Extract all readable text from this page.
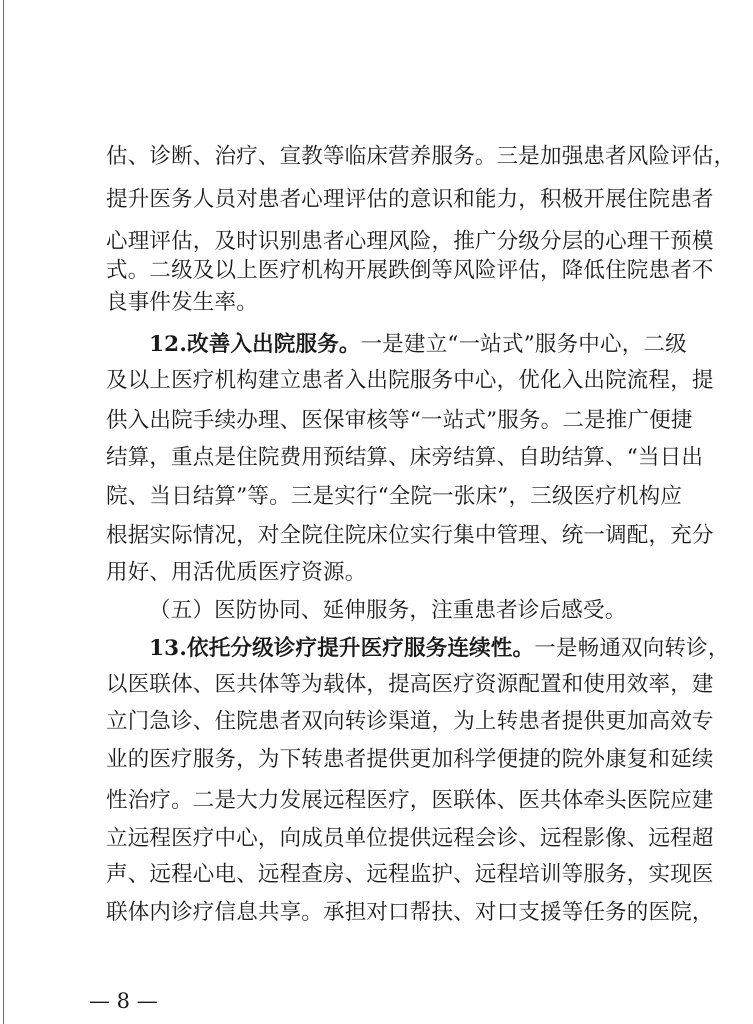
估、诊断、治疗、宣教等临床营养服务。三是加强患者风险评估，
提升医务人员对患者心理评估的意识和能力，积极开展住院患者
心理评估，及时识别患者心理风险，推广分级分层的心理干预模
式。二级及以上医疗机构开展跌倒等风险评估，降低住院患者不
良事件发生率。
12.改善入出院服务。一是建立“一站式”服务中心，二级
及以上医疗机构建立患者入出院服务中心，优化入出院流程，提
供入出院手续办理、医保审核等“一站式”服务。二是推广便捷
结算，重点是住院费用预结算、床旁结算、自助结算、“当日出
院、当日结算”等。三是实行“全院一张床”，三级医疗机构应
根据实际情况，对全院住院床位实行集中管理、统一调配，充分
用好、用活优质医疗资源。
（五）医防协同、延伸服务，注重患者诊后感受。
13.依托分级诊疗提升医疗服务连续性。一是畅通双向转诊，
以医联体、医共体等为载体，提高医疗资源配置和使用效率，建
立门急诊、住院患者双向转诊渠道，为上转患者提供更加高效专
业的医疗服务，为下转患者提供更加科学便捷的院外康复和延续
性治疗。二是大力发展远程医疗，医联体、医共体牵头医院应建
立远程医疗中心，向成员单位提供远程会诊、远程影像、远程超
声、远程心电、远程查房、远程监护、远程培训等服务，实现医
联体内诊疗信息共享。承担对口帮扶、对口支援等任务的医院，
— 8 —
